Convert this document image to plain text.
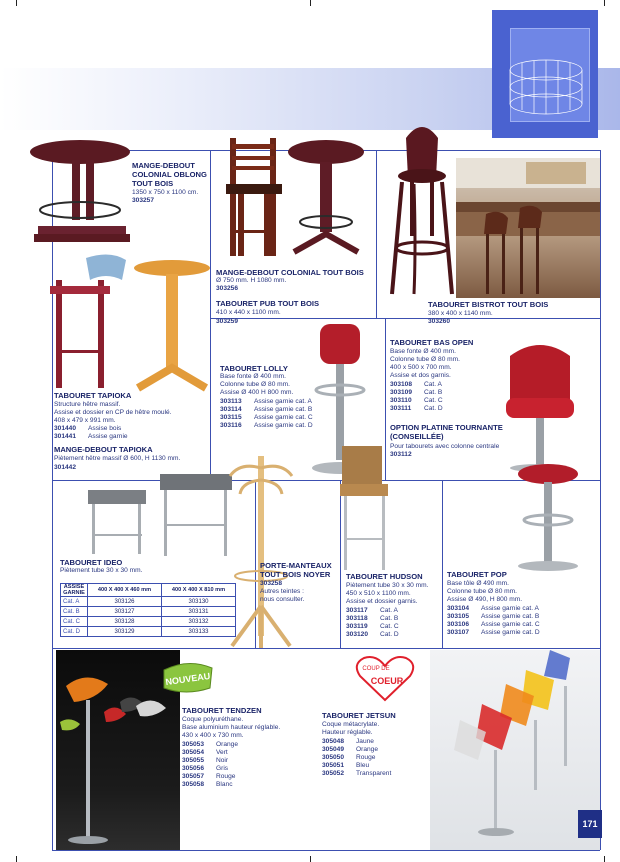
MANGE-DEBOUT COLONIAL OBLONG TOUT BOIS
1350 x 750 x 1100 cm.
303257
MANGE-DEBOUT COLONIAL TOUT BOIS
Ø 750 mm. H 1080 mm.
303256
TABOURET PUB TOUT BOIS
410 x 440 x 1100 mm.
303259
TABOURET BISTROT TOUT BOIS
380 x 400 x 1140 mm.
303260
TABOURET TAPIOKA
Structure hêtre massif.
Assise et dossier en CP de hêtre moulé.
408 x 479 x 991 mm.
301440	Assise bois
301441	Assise garnie
MANGE-DEBOUT TAPIOKA
Piètement hêtre massif Ø 600, H 1130 mm.
301442
TABOURET LOLLY
Base fonte Ø 400 mm.
Colonne tube Ø 80 mm.
Assise Ø 400 H 800 mm.
303113	Assise garnie cat. A
303114	Assise garnie cat. B
303115	Assise garnie cat. C
303116	Assise garnie cat. D
TABOURET BAS OPEN
Base fonte Ø 400 mm.
Colonne tube Ø 80 mm.
400 x 500 x 700 mm.
Assise et dos garnis.
303108	Cat. A
303109	Cat. B
303110	Cat. C
303111	Cat. D
OPTION PLATINE TOURNANTE (CONSEILLÉE)
Pour tabourets avec colonne centrale
303112
TABOURET IDEO
Piètement tube 30 x 30 mm.
ASSISE GARNIE	400 X 400 X 460 mm	400 X 400 X 810 mm
Cat. A	303126	303130
Cat. B	303127	303131
Cat. C	303128	303132
Cat. D	303129	303133
PORTE-MANTEAUX TOUT BOIS NOYER
303258
Autres teintes :
nous consulter.
TABOURET HUDSON
Piètement tube 30 x 30 mm.
450 x 510 x 1100 mm.
Assise et dossier garnis.
303117	Cat. A
303118	Cat. B
303119	Cat. C
303120	Cat. D
TABOURET POP
Base tôle Ø 490 mm.
Colonne tube Ø 80 mm.
Assise Ø 490, H 800 mm.
303104	Assise garnie cat. A
303105	Assise garnie cat. B
303106	Assise garnie cat. C
303107	Assise garnie cat. D
NOUVEAU
TABOURET TENDZEN
Coque polyuréthane.
Base aluminium hauteur réglable.
430 x 400 x 730 mm.
305053	Orange
305054	Vert
305055	Noir
305056	Gris
305057	Rouge
305058	Blanc
COUP DE
COEUR
TABOURET JETSUN
Coque métacrylate.
Hauteur réglable.
305048	Jaune
305049	Orange
305050	Rouge
305051	Bleu
305052	Transparent
171
